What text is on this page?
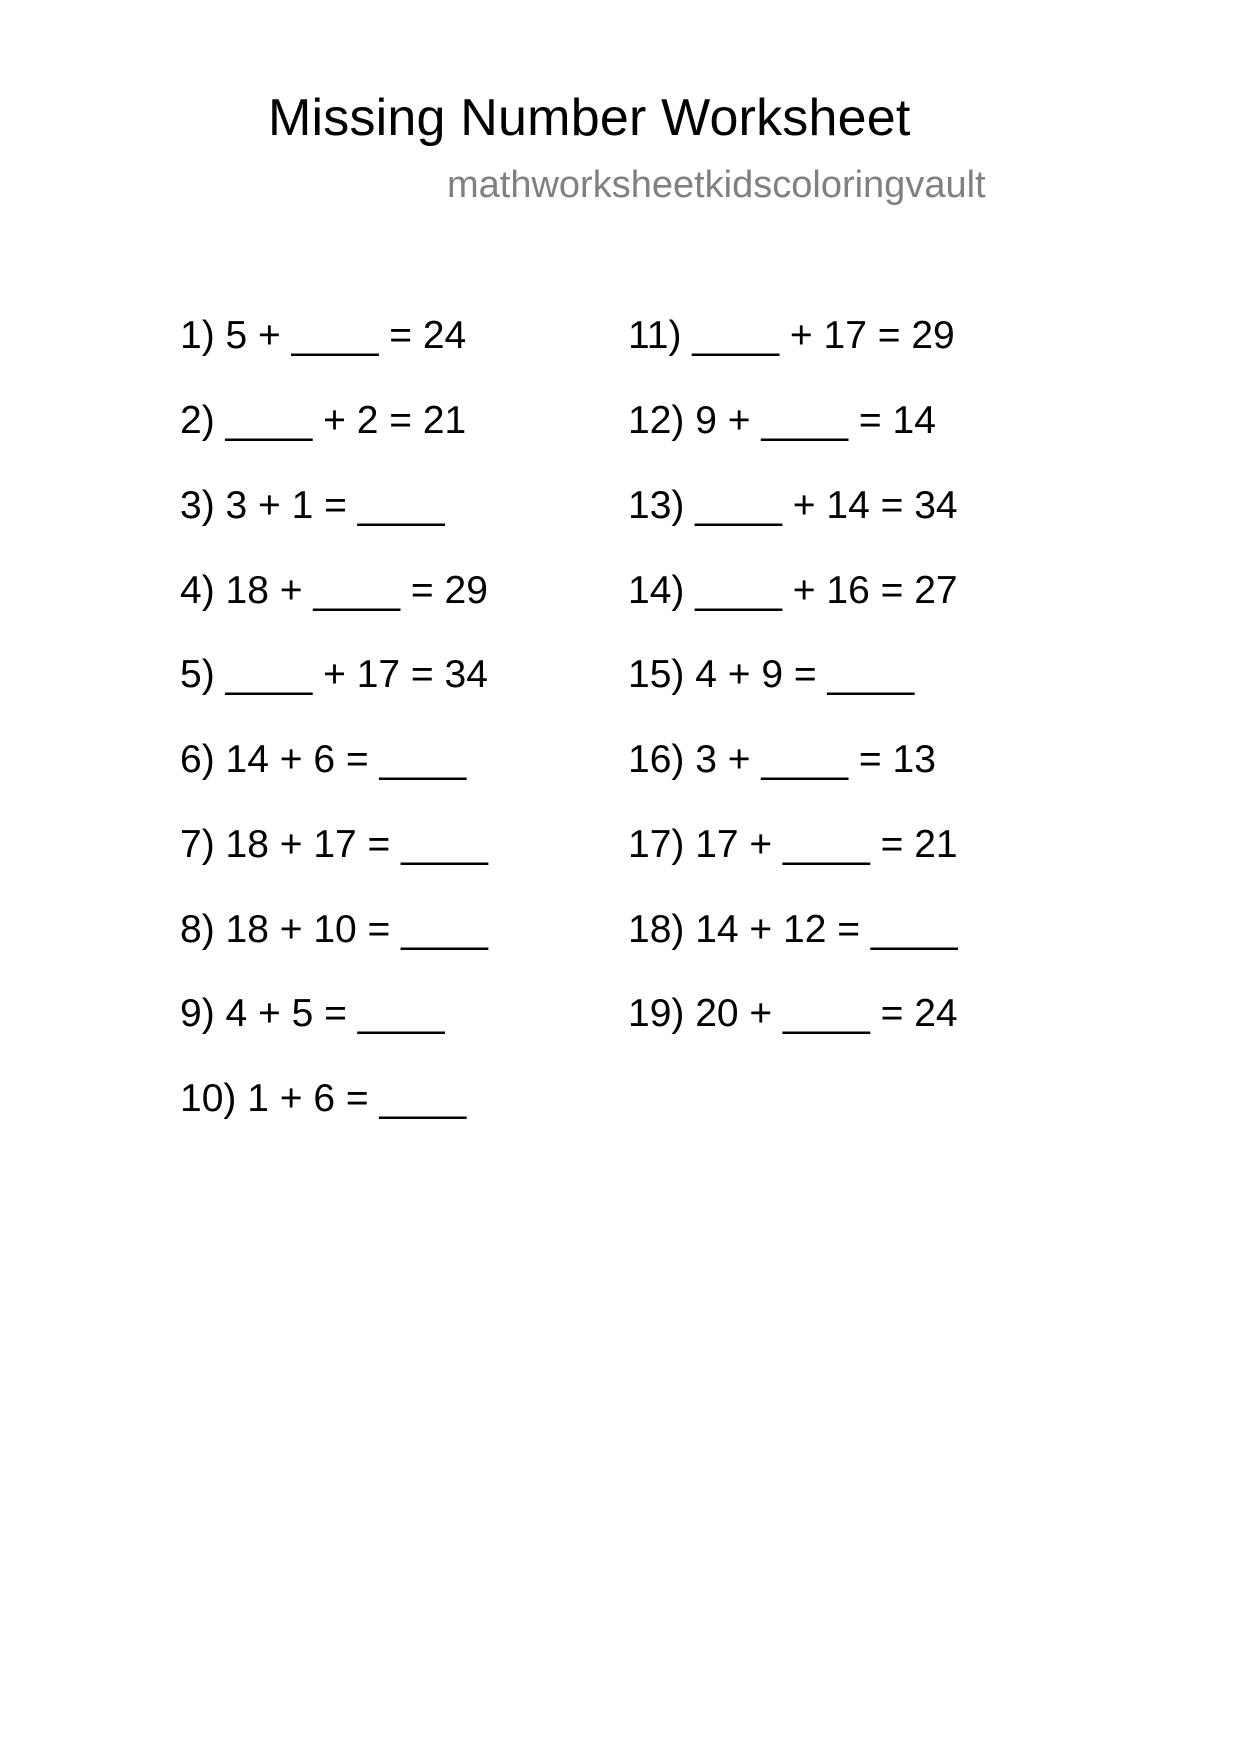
Missing Number Worksheet
mathworksheetkidscoloringvault
1) 5 + ____ = 24
2) ____ + 2 = 21
3) 3 + 1 = ____
4) 18 + ____ = 29
5) ____ + 17 = 34
6) 14 + 6 = ____
7) 18 + 17 = ____
8) 18 + 10 = ____
9) 4 + 5 = ____
10) 1 + 6 = ____
11) ____ + 17 = 29
12) 9 + ____ = 14
13) ____ + 14 = 34
14) ____ + 16 = 27
15) 4 + 9 = ____
16) 3 + ____ = 13
17) 17 + ____ = 21
18) 14 + 12 = ____
19) 20 + ____ = 24
